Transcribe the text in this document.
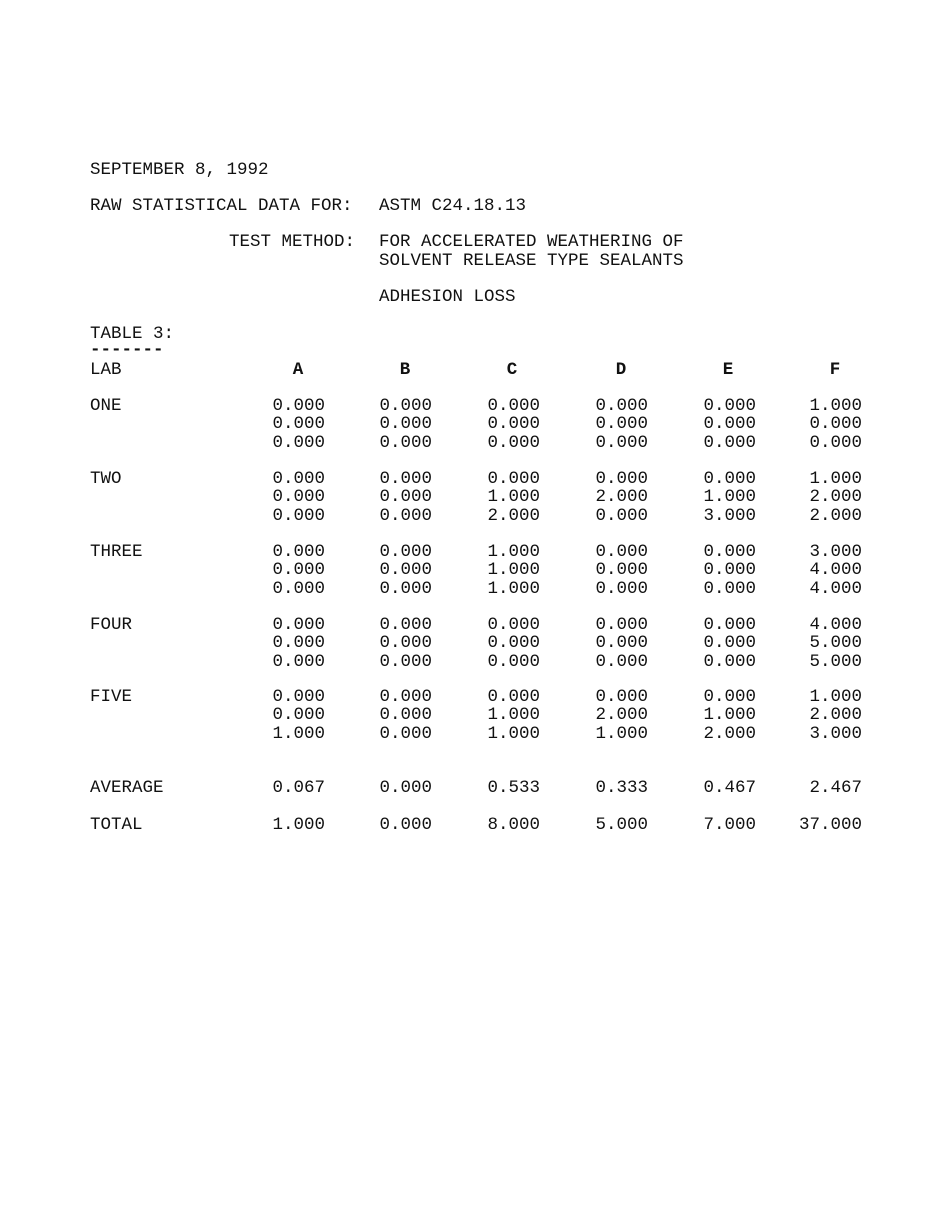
SEPTEMBER 8, 1992
RAW STATISTICAL DATA FOR: ASTM C24.18.13
TEST METHOD: FOR ACCELERATED WEATHERING OF
SOLVENT RELEASE TYPE SEALANTS
ADHESION LOSS
TABLE 3:
-------
LAB	A	B	C	D	E	F
ONE	0.000	0.000	0.000	0.000	0.000	1.000
0.000	0.000	0.000	0.000	0.000	0.000
0.000	0.000	0.000	0.000	0.000	0.000
TWO	0.000	0.000	0.000	0.000	0.000	1.000
0.000	0.000	1.000	2.000	1.000	2.000
0.000	0.000	2.000	0.000	3.000	2.000
THREE	0.000	0.000	1.000	0.000	0.000	3.000
0.000	0.000	1.000	0.000	0.000	4.000
0.000	0.000	1.000	0.000	0.000	4.000
FOUR	0.000	0.000	0.000	0.000	0.000	4.000
0.000	0.000	0.000	0.000	0.000	5.000
0.000	0.000	0.000	0.000	0.000	5.000
FIVE	0.000	0.000	0.000	0.000	0.000	1.000
0.000	0.000	1.000	2.000	1.000	2.000
1.000	0.000	1.000	1.000	2.000	3.000
AVERAGE	0.067	0.000	0.533	0.333	0.467	2.467
TOTAL	1.000	0.000	8.000	5.000	7.000	37.000
